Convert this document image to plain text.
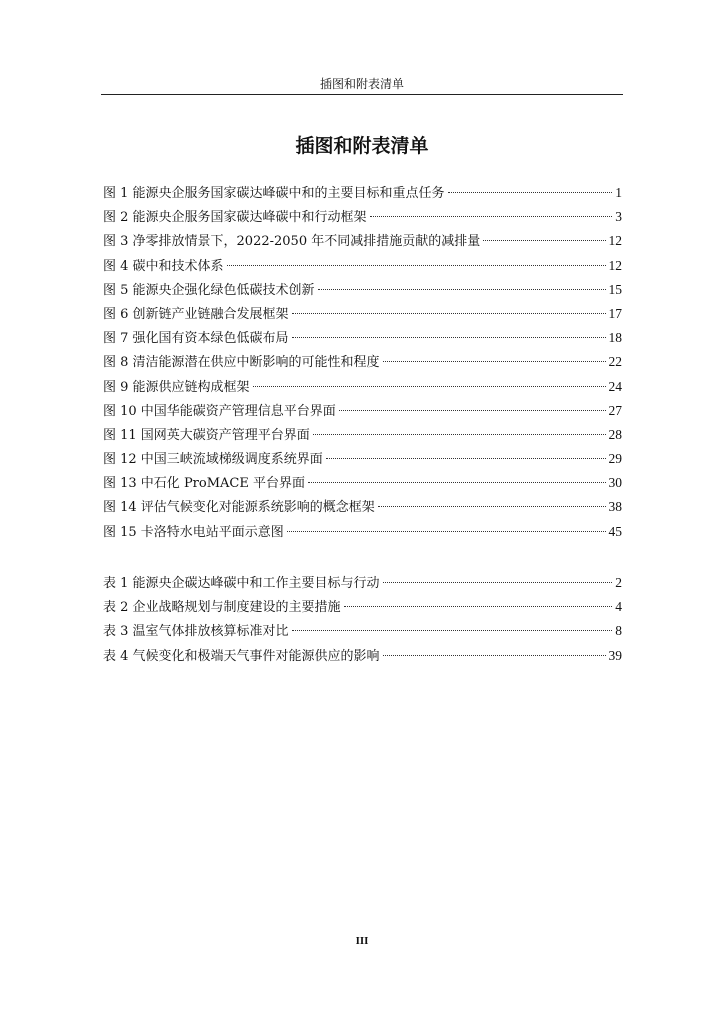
插图和附表清单
插图和附表清单
图 1 能源央企服务国家碳达峰碳中和的主要目标和重点任务	1
图 2 能源央企服务国家碳达峰碳中和行动框架	3
图 3 净零排放情景下，2022-2050 年不同减排措施贡献的减排量	12
图 4 碳中和技术体系	12
图 5 能源央企强化绿色低碳技术创新	15
图 6 创新链产业链融合发展框架	17
图 7 强化国有资本绿色低碳布局	18
图 8 清洁能源潜在供应中断影响的可能性和程度	22
图 9 能源供应链构成框架	24
图 10 中国华能碳资产管理信息平台界面	27
图 11 国网英大碳资产管理平台界面	28
图 12 中国三峡流域梯级调度系统界面	29
图 13 中石化 ProMACE 平台界面	30
图 14 评估气候变化对能源系统影响的概念框架	38
图 15 卡洛特水电站平面示意图	45
表 1 能源央企碳达峰碳中和工作主要目标与行动	2
表 2 企业战略规划与制度建设的主要措施	4
表 3 温室气体排放核算标准对比	8
表 4 气候变化和极端天气事件对能源供应的影响	39
III
